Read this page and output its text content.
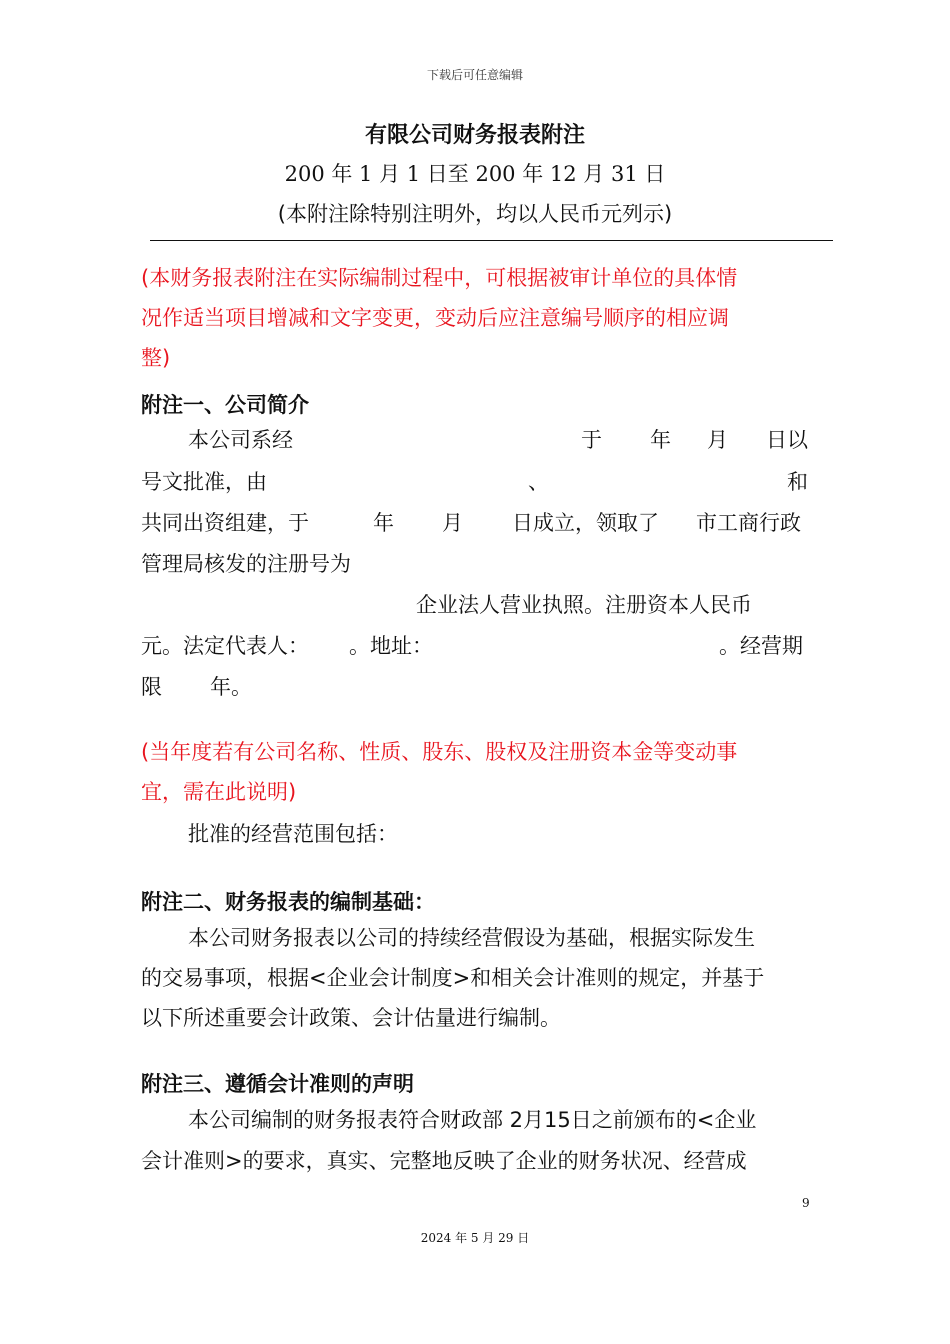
下载后可任意编辑
有限公司财务报表附注
200 年 1 月 1 日至 200 年 12 月 31 日
(本附注除特别注明外，均以人民币元列示)
(本财务报表附注在实际编制过程中，可根据被审计单位的具体情
况作适当项目增减和文字变更，变动后应注意编号顺序的相应调
整)
附注一、公司简介
本公司系经	于 年 月 日以
号文批准，由	、	和
共同出资组建，于	年 月 日成立，领取了 市工商行政
管理局核发的注册号为
企业法人营业执照。注册资本人民币
元。法定代表人： 。地址：	。经营期
限 年。
(当年度若有公司名称、性质、股东、股权及注册资本金等变动事
宜，需在此说明)
批准的经营范围包括：
附注二、财务报表的编制基础：
本公司财务报表以公司的持续经营假设为基础，根据实际发生
的交易事项，根据<企业会计制度>和相关会计准则的规定，并基于
以下所述重要会计政策、会计估量进行编制。
附注三、遵循会计准则的声明
本公司编制的财务报表符合财政部 2月15日之前颁布的<企业
会计准则>的要求，真实、完整地反映了企业的财务状况、经营成
9
2024 年 5 月 29 日
